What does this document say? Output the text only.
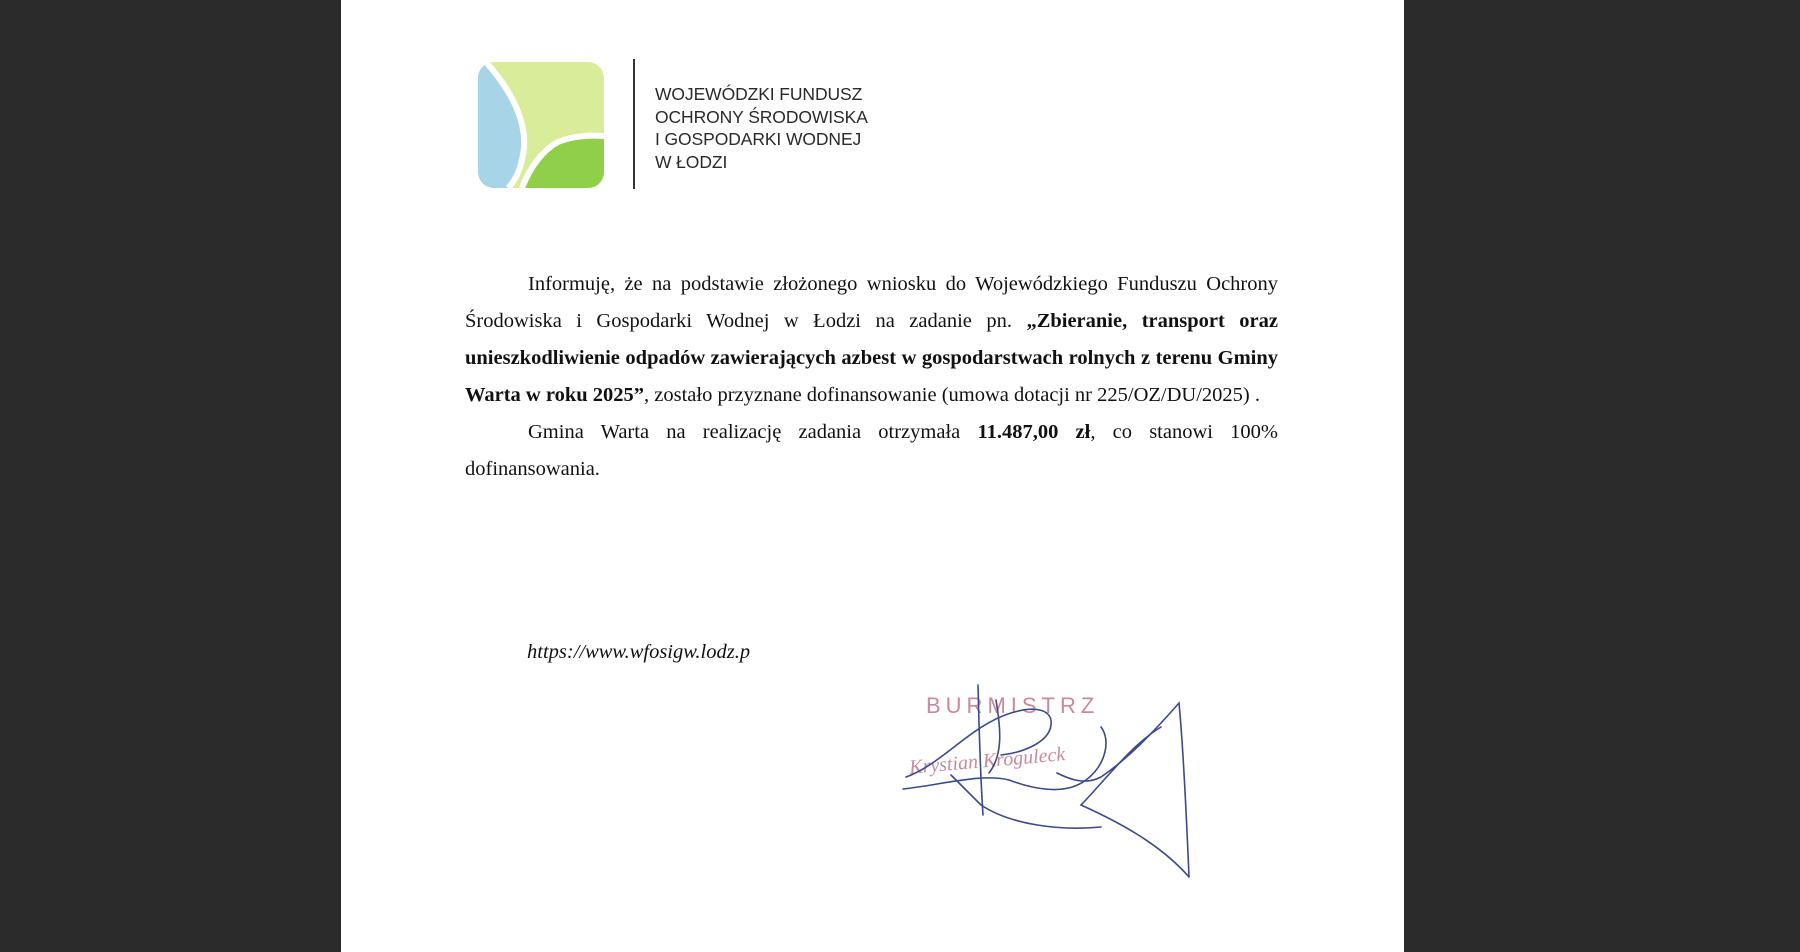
WOJEWÓDZKI FUNDUSZ
OCHRONY ŚRODOWISKA
I GOSPODARKI WODNEJ
W ŁODZI

Informuję, że na podstawie złożonego wniosku do Wojewódzkiego Funduszu Ochrony Środowiska i Gospodarki Wodnej w Łodzi na zadanie pn. „Zbieranie, transport oraz unieszkodliwienie odpadów zawierających azbest w gospodarstwach rolnych z terenu Gminy Warta w roku 2025”, zostało przyznane dofinansowanie (umowa dotacji nr 225/OZ/DU/2025) .

Gmina Warta na realizację zadania otrzymała 11.487,00 zł, co stanowi 100% dofinansowania.

https://www.wfosigw.lodz.p
BURMISTRZ
Krystian Kroguleck
